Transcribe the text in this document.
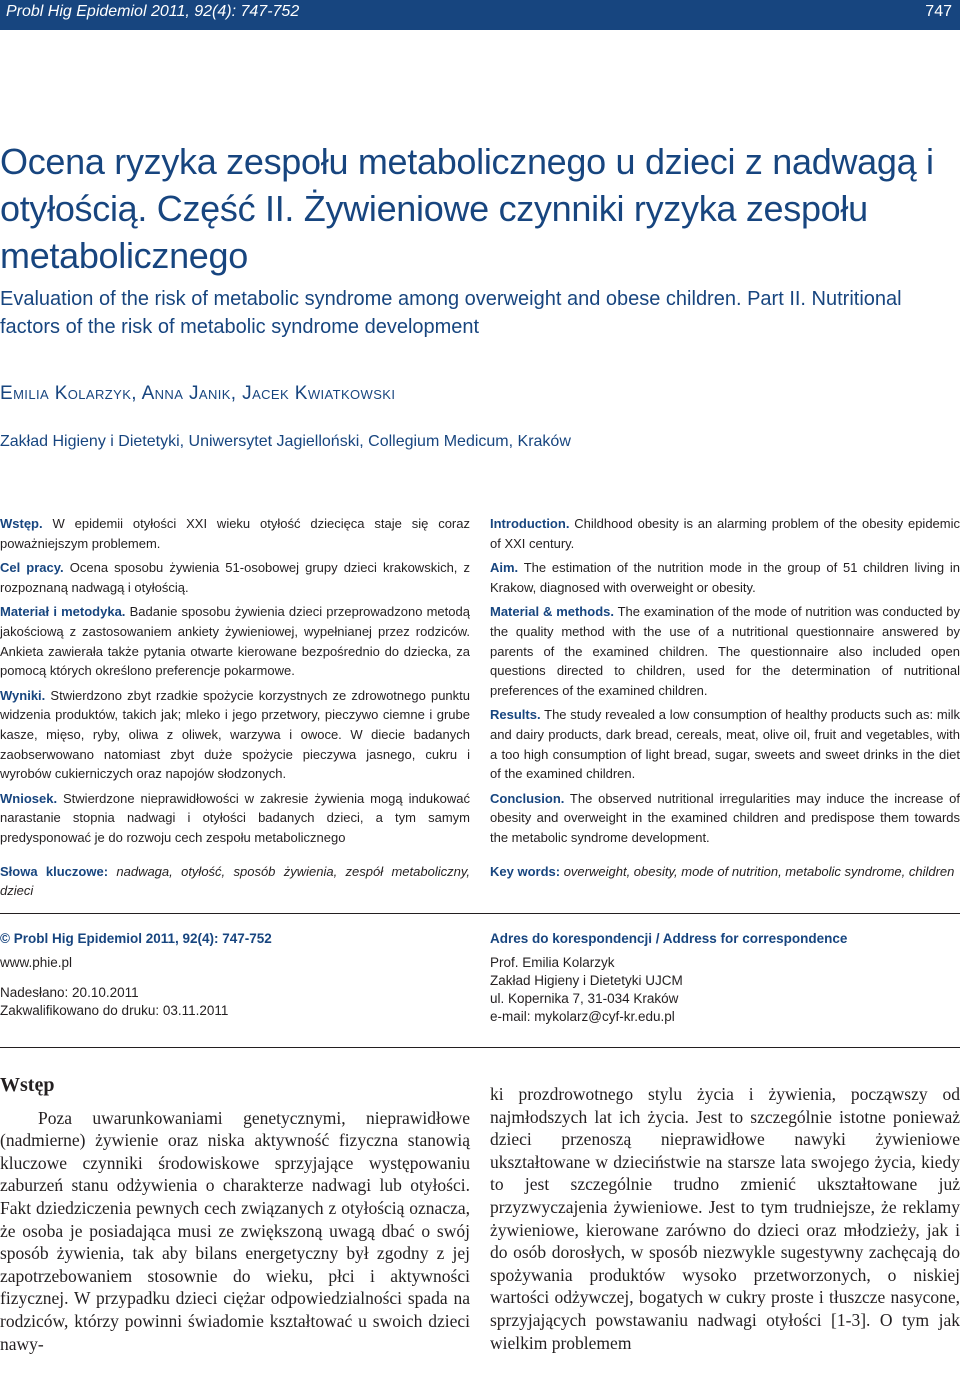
Probl Hig Epidemiol 2011, 92(4): 747-752	747
Ocena ryzyka zespołu metabolicznego u dzieci z nadwagą i otyłością. Część II. Żywieniowe czynniki ryzyka zespołu metabolicznego
Evaluation of the risk of metabolic syndrome among overweight and obese children. Part II. Nutritional factors of the risk of metabolic syndrome development
Emilia Kolarzyk, Anna Janik, Jacek Kwiatkowski
Zakład Higieny i Dietetyki, Uniwersytet Jagielloński, Collegium Medicum, Kraków

Wstęp. W epidemii otyłości XXI wieku otyłość dziecięca staje się coraz poważniejszym problemem.

Cel pracy. Ocena sposobu żywienia 51-osobowej grupy dzieci krakowskich, z rozpoznaną nadwagą i otyłością.

Materiał i metodyka. Badanie sposobu żywienia dzieci przeprowadzono metodą jakościową z zastosowaniem ankiety żywieniowej, wypełnianej przez rodziców. Ankieta zawierała także pytania otwarte kierowane bezpośrednio do dziecka, za pomocą których określono preferencje pokarmowe.

Wyniki. Stwierdzono zbyt rzadkie spożycie korzystnych ze zdrowotnego punktu widzenia produktów, takich jak; mleko i jego przetwory, pieczywo ciemne i grube kasze, mięso, ryby, oliwa z oliwek, warzywa i owoce. W diecie badanych zaobserwowano natomiast zbyt duże spożycie pieczywa jasnego, cukru i wyrobów cukierniczych oraz napojów słodzonych.

Wniosek. Stwierdzone nieprawidłowości w zakresie żywienia mogą indukować narastanie stopnia nadwagi i otyłości badanych dzieci, a tym samym predysponować je do rozwoju cech zespołu metabolicznego

Słowa kluczowe: nadwaga, otyłość, sposób żywienia, zespół metaboliczny, dzieci

Introduction. Childhood obesity is an alarming problem of the obesity epidemic of XXI century.

Aim. The estimation of the nutrition mode in the group of 51 children living in Krakow, diagnosed with overweight or obesity.

Material & methods. The examination of the mode of nutrition was conducted by the quality method with the use of a nutritional questionnaire answered by parents of the examined children. The questionnaire also included open questions directed to children, used for the determination of nutritional preferences of the examined children.

Results. The study revealed a low consumption of healthy products such as: milk and dairy products, dark bread, cereals, meat, olive oil, fruit and vegetables, with a too high consumption of light bread, sugar, sweets and sweet drinks in the diet of the examined children.

Conclusion. The observed nutritional irregularities may induce the increase of obesity and overweight in the examined children and predispose them towards the metabolic syndrome development.

Key words: overweight, obesity, mode of nutrition, metabolic syndrome, children

© Probl Hig Epidemiol 2011, 92(4): 747-752
www.phie.pl
Nadesłano: 20.10.2011
Zakwalifikowano do druku: 03.11.2011
Adres do korespondencji / Address for correspondence
Prof. Emilia Kolarzyk
Zakład Higieny i Dietetyki UJCM
ul. Kopernika 7, 31-034 Kraków
e-mail: mykolarz@cyf-kr.edu.pl
Wstęp
Poza uwarunkowaniami genetycznymi, nieprawidłowe (nadmierne) żywienie oraz niska aktywność fizyczna stanowią kluczowe czynniki środowiskowe sprzyjające występowaniu zaburzeń stanu odżywienia o charakterze nadwagi lub otyłości. Fakt dziedziczenia pewnych cech związanych z otyłością oznacza, że osoba je posiadająca musi ze zwiększoną uwagą dbać o swój sposób żywienia, tak aby bilans energetyczny był zgodny z jej zapotrzebowaniem stosownie do wieku, płci i aktywności fizycznej. W przypadku dzieci ciężar odpowiedzialności spada na rodziców, którzy powinni świadomie kształtować u swoich dzieci nawy-
ki prozdrowotnego stylu życia i żywienia, począwszy od najmłodszych lat ich życia. Jest to szczególnie istotne ponieważ dzieci przenoszą nieprawidłowe nawyki żywieniowe ukształtowane w dzieciństwie na starsze lata swojego życia, kiedy to jest szczególnie trudno zmienić ukształtowane już przyzwyczajenia żywieniowe. Jest to tym trudniejsze, że reklamy żywieniowe, kierowane zarówno do dzieci oraz młodzieży, jak i do osób dorosłych, w sposób niezwykle sugestywny zachęcają do spożywania produktów wysoko przetworzonych, o niskiej wartości odżywczej, bogatych w cukry proste i tłuszcze nasycone, sprzyjających powstawaniu nadwagi otyłości [1-3]. O tym jak wielkim problemem
